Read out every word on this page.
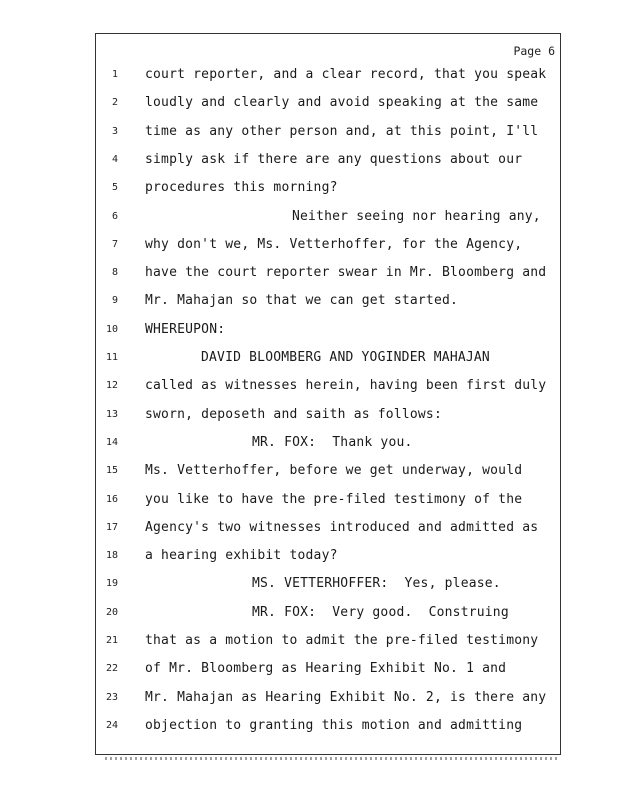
Page 6
1 court reporter, and a clear record, that you speak
2 loudly and clearly and avoid speaking at the same
3 time as any other person and, at this point, I'll
4 simply ask if there are any questions about our
5 procedures this morning?
6	Neither seeing nor hearing any,
7 why don't we, Ms. Vetterhoffer, for the Agency,
8 have the court reporter swear in Mr. Bloomberg and
9 Mr. Mahajan so that we can get started.
10 WHEREUPON:
11	DAVID BLOOMBERG AND YOGINDER MAHAJAN
12 called as witnesses herein, having been first duly
13 sworn, deposeth and saith as follows:
14	MR. FOX:  Thank you.
15 Ms. Vetterhoffer, before we get underway, would
16 you like to have the pre-filed testimony of the
17 Agency's two witnesses introduced and admitted as
18 a hearing exhibit today?
19	MS. VETTERHOFFER:  Yes, please.
20	MR. FOX:  Very good.  Construing
21 that as a motion to admit the pre-filed testimony
22 of Mr. Bloomberg as Hearing Exhibit No. 1 and
23 Mr. Mahajan as Hearing Exhibit No. 2, is there any
24 objection to granting this motion and admitting
